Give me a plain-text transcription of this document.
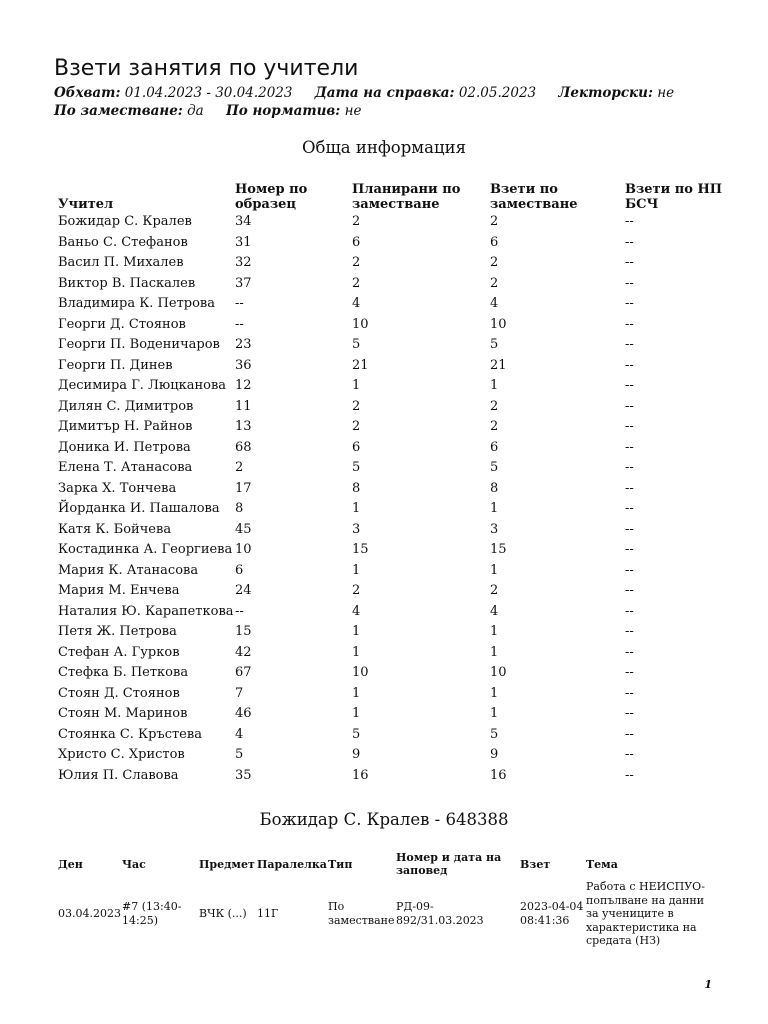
Взети занятия по учители
Обхват: 01.04.2023 - 30.04.2023 Дата на справка: 02.05.2023 Лекторски: не По заместване: да По норматив: не
Обща информация
Учител	Номер по образец	Планирани по заместване	Взети по заместване	Взети по НП БСЧ
Божидар С. Кралев	34	2	2	--
Ваньо С. Стефанов	31	6	6	--
Васил П. Михалев	32	2	2	--
Виктор В. Паскалев	37	2	2	--
Владимира К. Петрова	--	4	4	--
Георги Д. Стоянов	--	10	10	--
Георги П. Воденичаров	23	5	5	--
Георги П. Динев	36	21	21	--
Десимира Г. Люцканова	12	1	1	--
Дилян С. Димитров	11	2	2	--
Димитър Н. Райнов	13	2	2	--
Доника И. Петрова	68	6	6	--
Елена Т. Атанасова	2	5	5	--
Зарка Х. Тончева	17	8	8	--
Йорданка И. Пашалова	8	1	1	--
Катя К. Бойчева	45	3	3	--
Костадинка А. Георгиева	10	15	15	--
Мария К. Атанасова	6	1	1	--
Мария М. Енчева	24	2	2	--
Наталия Ю. Карапеткова	--	4	4	--
Петя Ж. Петрова	15	1	1	--
Стефан А. Гурков	42	1	1	--
Стефка Б. Петкова	67	10	10	--
Стоян Д. Стоянов	7	1	1	--
Стоян М. Маринов	46	1	1	--
Стоянка С. Кръстева	4	5	5	--
Христо С. Христов	5	9	9	--
Юлия П. Славова	35	16	16	--
Божидар С. Кралев - 648388
Ден	Час	Предмет	Паралелка	Тип	Номер и дата на заповед	Взет	Тема
03.04.2023	#7 (13:40-14:25)	ВЧК (...)	11Г	По заместване	РД-09-892/31.03.2023	2023-04-04 08:41:36	Работа с НЕИСПУО-попълване на данни за учениците в характеристика на средата (НЗ)
1
